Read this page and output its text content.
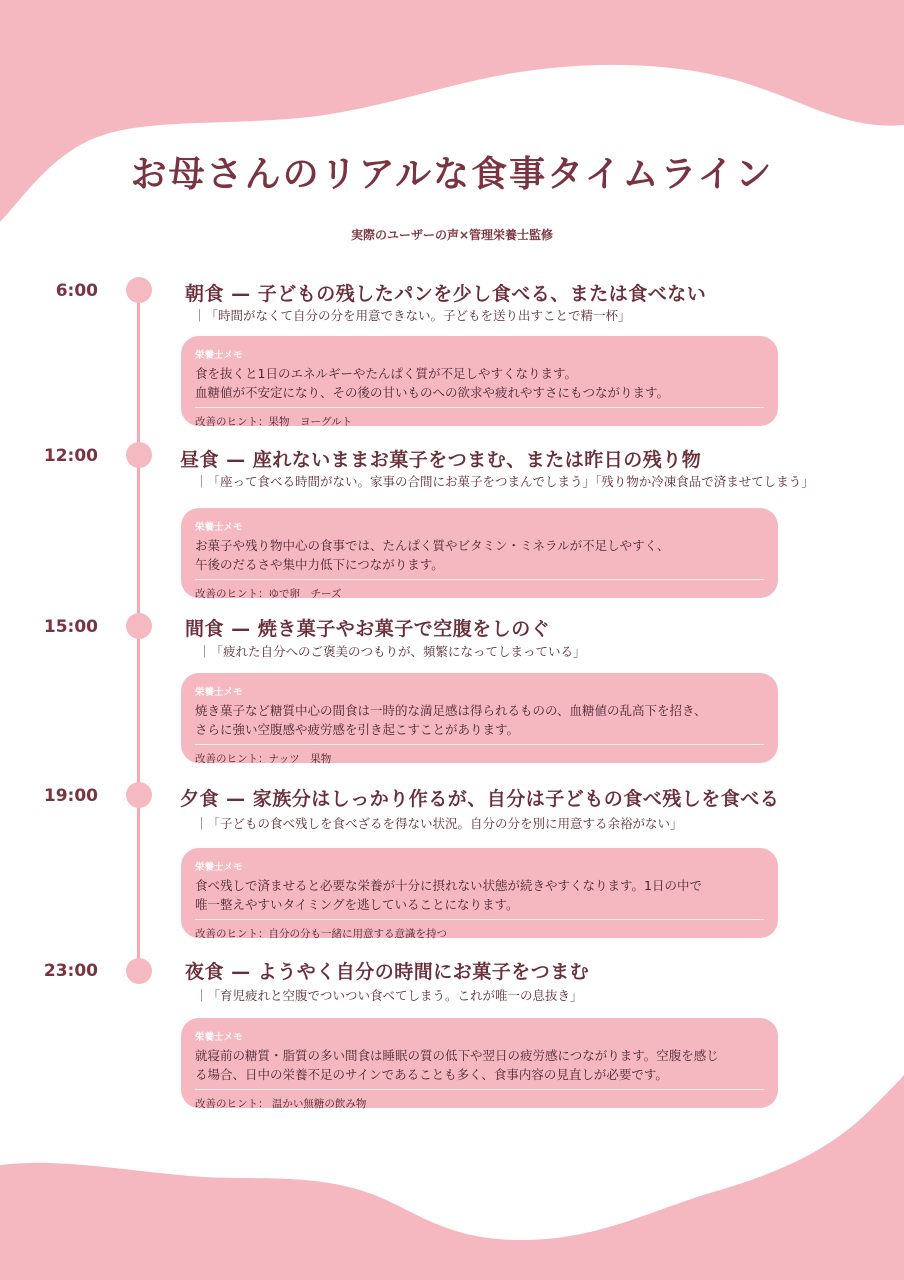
お母さんのリアルな食事タイムライン
実際のユーザーの声×管理栄養士監修
6:00	朝食 — 子どもの残したパンを少し食べる、または食べない
｜「時間がなくて自分の分を用意できない。子どもを送り出すことで精一杯」
栄養士メモ
食を抜くと1日のエネルギーやたんぱく質が不足しやすくなります。
血糖値が不安定になり、その後の甘いものへの欲求や疲れやすさにもつながります。
改善のヒント：果物　ヨーグルト
12:00	昼食 — 座れないままお菓子をつまむ、または昨日の残り物
｜「座って食べる時間がない。家事の合間にお菓子をつまんでしまう」「残り物か冷凍食品で済ませてしまう」
栄養士メモ
お菓子や残り物中心の食事では、たんぱく質やビタミン・ミネラルが不足しやすく、
午後のだるさや集中力低下につながります。
改善のヒント：ゆで卵　チーズ
15:00	間食 — 焼き菓子やお菓子で空腹をしのぐ
｜「疲れた自分へのご褒美のつもりが、頻繁になってしまっている」
栄養士メモ
焼き菓子など糖質中心の間食は一時的な満足感は得られるものの、血糖値の乱高下を招き、
さらに強い空腹感や疲労感を引き起こすことがあります。
改善のヒント：ナッツ　果物
19:00	夕食 — 家族分はしっかり作るが、自分は子どもの食べ残しを食べる
｜「子どもの食べ残しを食べざるを得ない状況。自分の分を別に用意する余裕がない」
栄養士メモ
食べ残しで済ませると必要な栄養が十分に摂れない状態が続きやすくなります。1日の中で
唯一整えやすいタイミングを逃していることになります。
改善のヒント：自分の分も一緒に用意する意識を持つ
23:00	夜食 — ようやく自分の時間にお菓子をつまむ
｜「育児疲れと空腹でついつい食べてしまう。これが唯一の息抜き」
栄養士メモ
就寝前の糖質・脂質の多い間食は睡眠の質の低下や翌日の疲労感につながります。空腹を感じ
る場合、日中の栄養不足のサインであることも多く、食事内容の見直しが必要です。
改善のヒント： 温かい無糖の飲み物
